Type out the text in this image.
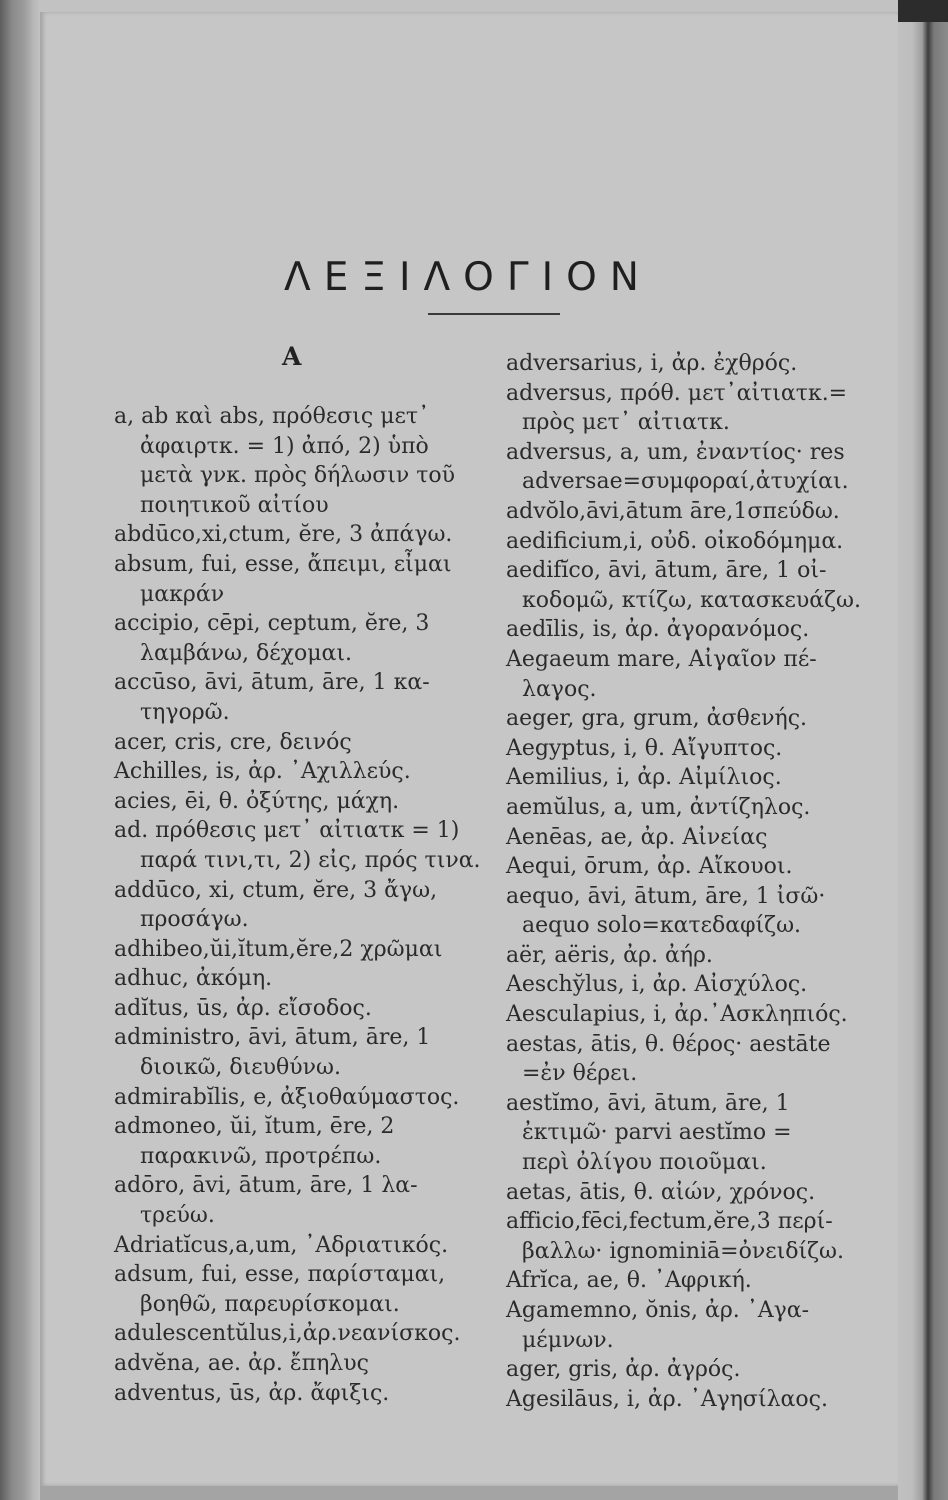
ΛΕΞΙΛΟΓΙΟΝ
A
a, ab καὶ abs, πρόθεσις μετ᾽
ἀφαιρτκ. = 1) ἀπό, 2) ὑπὸ
μετὰ γνκ. πρὸς δήλωσιν τοῦ
ποιητικοῦ αἰτίου
abdūco,xi,ctum, ĕre, 3 ἀπάγω.
absum, fui, esse, ἄπειμι, εἶμαι
μακράν
accipio, cēpi, ceptum, ĕre, 3
λαμβάνω, δέχομαι.
accūso, āvi, ātum, āre, 1 κα-
τηγορῶ.
acer, cris, cre, δεινός
Achilles, is, ἀρ. ᾽Αχιλλεύς.
acies, ēi, θ. ὀξύτης, μάχη.
ad. πρόθεσις μετ᾽ αἰτιατκ = 1)
παρά τινι,τι, 2) εἰς, πρός τινα.
addūco, xi, ctum, ĕre, 3 ἄγω,
προσάγω.
adhibeo,ŭi,ĭtum,ĕre,2 χρῶμαι
adhuc, ἀκόμη.
adĭtus, ūs, ἀρ. εἴσοδος.
administro, āvi, ātum, āre, 1
διοικῶ, διευθύνω.
admirabĭlis, e, ἀξιοθαύμαστος.
admoneo, ŭi, ĭtum, ēre, 2
παρακινῶ, προτρέπω.
adōro, āvi, ātum, āre, 1 λα-
τρεύω.
Adriatĭcus,a,um, ᾽Αδριατικός.
adsum, fui, esse, παρίσταμαι,
βοηθῶ, παρευρίσκομαι.
adulescentŭlus,i,ἀρ.νεανίσκος.
advĕna, ae. ἀρ. ἔπηλυς
adventus, ūs, ἀρ. ἄφιξις.
adversarius, i, ἀρ. ἐχθρός.
adversus, πρόθ. μετ᾽αἰτιατκ.=
πρὸς μετ᾽ αἰτιατκ.
adversus, a, um, ἐναντίος· res
adversae=συμφοραί,ἀτυχίαι.
advŏlo,āvi,ātum āre,1σπεύδω.
aedificium,i, οὐδ. οἰκοδόμημα.
aedifĭco, āvi, ātum, āre, 1 οἰ-
κοδομῶ, κτίζω, κατασκευάζω.
aedīlis, is, ἀρ. ἀγορανόμος.
Aegaeum mare, Αἰγαῖον πέ-
λαγος.
aeger, gra, grum, ἀσθενής.
Aegyptus, i, θ. Αἴγυπτος.
Aemilius, i, ἀρ. Αἰμίλιος.
aemŭlus, a, um, ἀντίζηλος.
Aenēas, ae, ἀρ. Αἰνείας
Aequi, ōrum, ἀρ. Αἴκουοι.
aequo, āvi, ātum, āre, 1 ἰσῶ·
aequo solo=κατεδαφίζω.
aër, aëris, ἀρ. ἀήρ.
Aeschy̆lus, i, ἀρ. Αἰσχύλος.
Aesculapius, i, ἀρ.᾽Ασκληπιός.
aestas, ātis, θ. θέρος· aestāte
=ἐν θέρει.
aestĭmo, āvi, ātum, āre, 1
ἐκτιμῶ· parvi aestĭmo =
περὶ ὀλίγου ποιοῦμαι.
aetas, ātis, θ. αἰών, χρόνος.
afficio,fēci,fectum,ĕre,3 περί-
βαλλω· ignominiā=ὀνειδίζω.
Afrĭca, ae, θ. ᾽Αφρική.
Agamemno, ŏnis, ἀρ. ᾽Αγα-
μέμνων.
ager, gris, ἀρ. ἀγρός.
Agesilāus, i, ἀρ. ᾽Αγησίλαος.
